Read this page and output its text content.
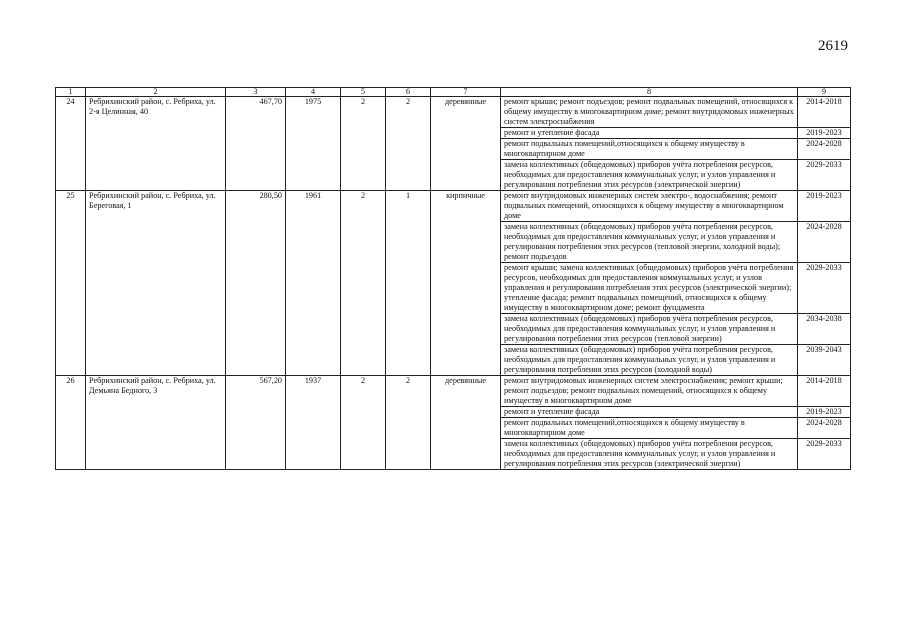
2619
1	2	3	4	5	6	7	8	9
24	Ребрихинский район, с. Ребриха, ул. 2-я Целинная, 40	467,70	1975	2	2	деревянные	ремонт крыши; ремонт подъездов; ремонт подвальных помещений, относящихся к общему имуществу в многоквартирном доме; ремонт внутридомовых инженерных систем электроснабжения	2014-2018
							ремонт и утепление фасада	2019-2023
							ремонт подвальных помещений,относящихся к общему имуществу в многоквартирном доме	2024-2028
							замена коллективных (общедомовых) приборов учёта потребления ресурсов, необходимых для предоставления коммунальных услуг, и узлов управления и регулирования потребления этих ресурсов (электрической энергии)	2029-2033
25	Ребрихинский район, с. Ребриха, ул. Береговая, 1	280,50	1961	2	1	кирпичные	ремонт внутридомовых инженерных систем электро-, водоснабжения; ремонт подвальных помещений, относящихся к общему имуществу в многоквартирном доме	2019-2023
							замена коллективных (общедомовых) приборов учёта потребления ресурсов, необходимых для предоставления коммунальных услуг, и узлов управления и регулирования потребления этих ресурсов (тепловой энергии, холодной воды); ремонт подъездов	2024-2028
							ремонт крыши; замена коллективных (общедомовых) приборов учёта потребления ресурсов, необходимых для предоставления коммунальных услуг, и узлов управления и регулирования потребления этих ресурсов (электрической энергии); утепление фасада; ремонт подвальных помещений, относящихся к общему имуществу в многоквартирном доме; ремонт фундамента	2029-2033
							замена коллективных (общедомовых) приборов учёта потребления ресурсов, необходимых для предоставления коммунальных услуг, и узлов управления и регулирования потребления этих ресурсов (тепловой энергии)	2034-2038
							замена коллективных (общедомовых) приборов учёта потребления ресурсов, необходимых для предоставления коммунальных услуг, и узлов управления и регулирования потребления этих ресурсов (холодной воды)	2039-2043
26	Ребрихинский район, с. Ребриха, ул. Демьяна Бедного, 3	567,20	1937	2	2	деревянные	ремонт внутридомовых инженерных систем электроснабжения; ремонт крыши; ремонт подъездов; ремонт подвальных помещений, относящихся к общему имуществу в многоквартирном доме	2014-2018
							ремонт и утепление фасада	2019-2023
							ремонт подвальных помещений,относящихся к общему имуществу в многоквартирном доме	2024-2028
							замена коллективных (общедомовых) приборов учёта потребления ресурсов, необходимых для предоставления коммунальных услуг, и узлов управления и регулирования потребления этих ресурсов (электрической энергии)	2029-2033
